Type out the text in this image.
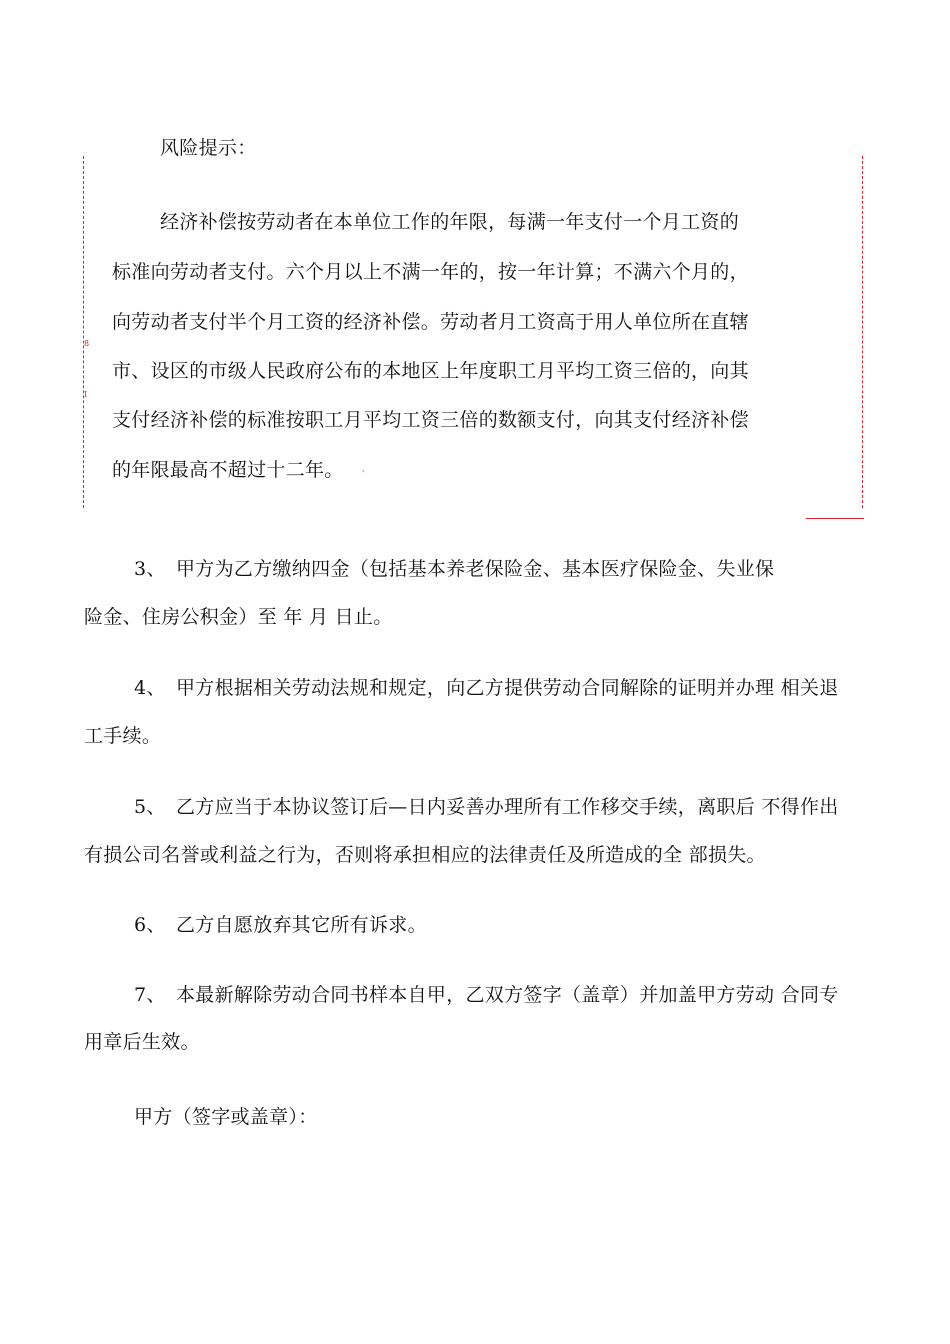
风险提示：
8
I
'
经济补偿按劳动者在本单位工作的年限，每满一年支付一个月工资的
标准向劳动者支付。六个月以上不满一年的，按一年计算；不满六个月的，
向劳动者支付半个月工资的经济补偿。劳动者月工资高于用人单位所在直辖
市、设区的市级人民政府公布的本地区上年度职工月平均工资三倍的，向其
支付经济补偿的标准按职工月平均工资三倍的数额支付，向其支付经济补偿
的年限最高不超过十二年。
3、 甲方为乙方缴纳四金（包括基本养老保险金、基本医疗保险金、失业保
险金、住房公积金）至 年 月 日止。
4、 甲方根据相关劳动法规和规定，向乙方提供劳动合同解除的证明并办理 相关退
工手续。
5、 乙方应当于本协议签订后—日内妥善办理所有工作移交手续，离职后 不得作出
有损公司名誉或利益之行为，否则将承担相应的法律责任及所造成的全 部损失。
6、 乙方自愿放弃其它所有诉求。
7、 本最新解除劳动合同书样本自甲，乙双方签字（盖章）并加盖甲方劳动 合同专
用章后生效。
甲方（签字或盖章）：
